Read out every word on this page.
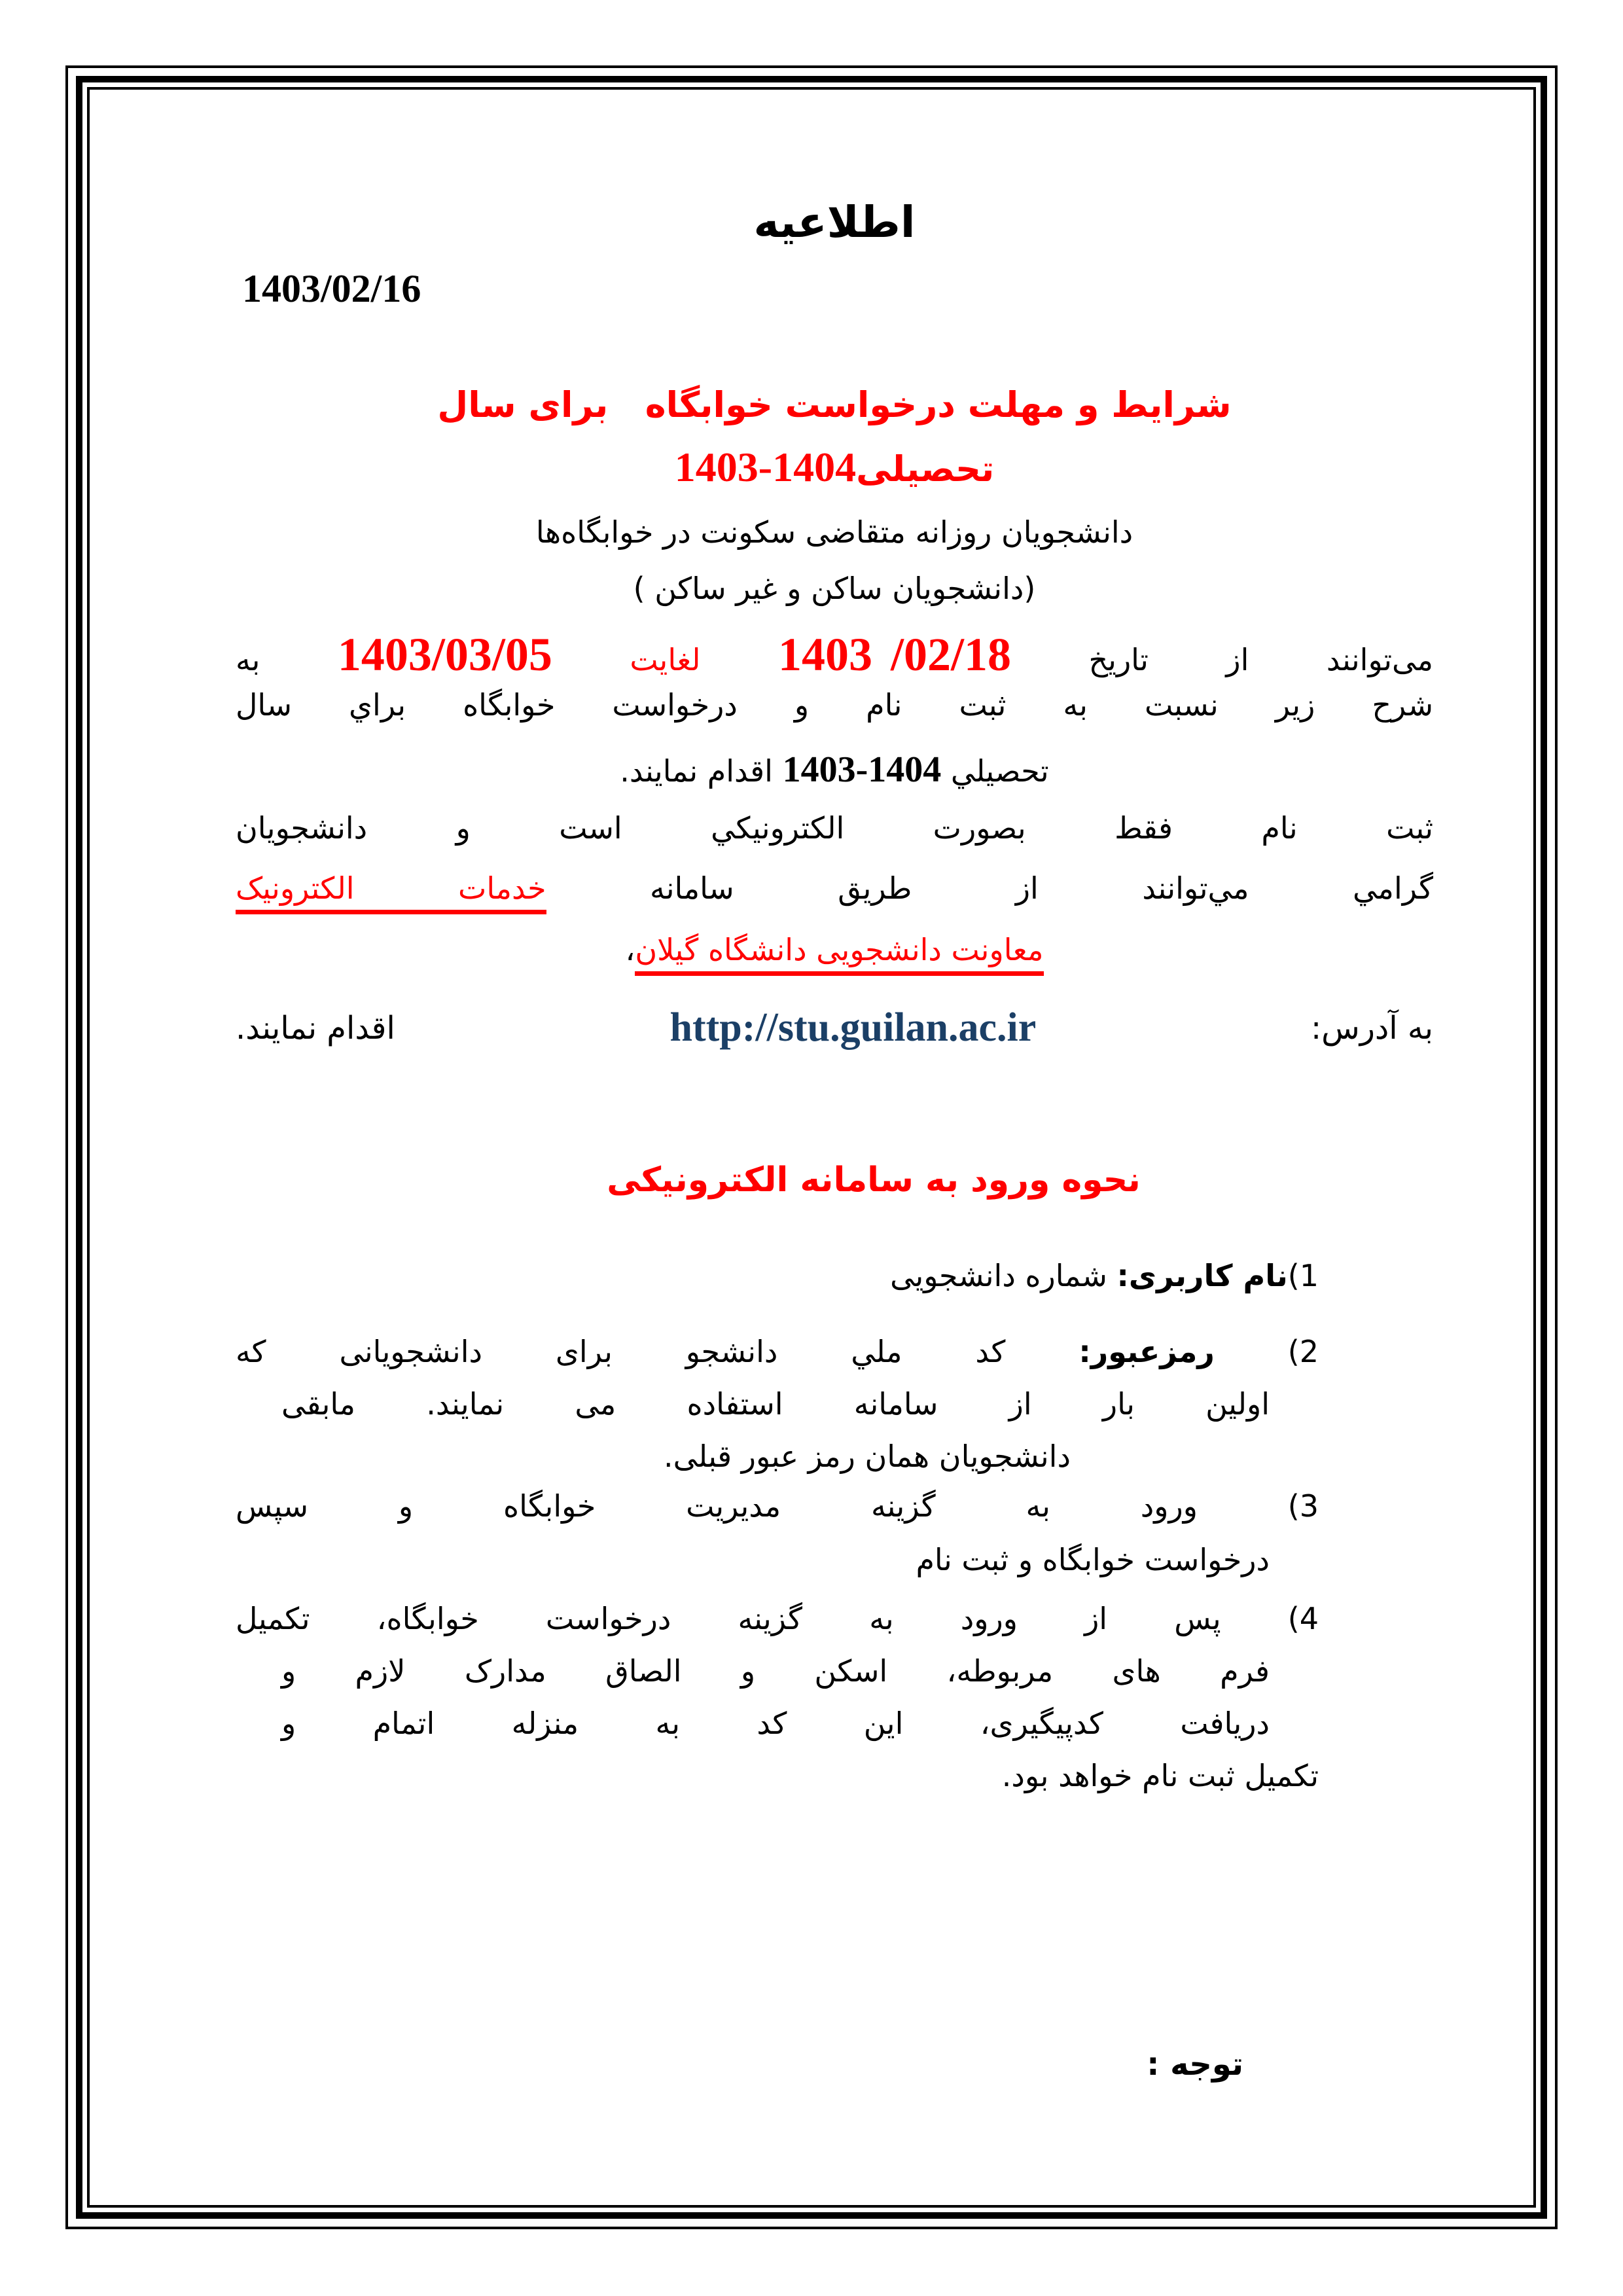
اطلاعیه
1403/02/16
شرایط و مهلت درخواست خوابگاه   برای سال
تحصیلی1403-1404
دانشجویان روزانه متقاضی سکونت در خوابگاه‌ها
(دانشجویان ساکن و غیر ساکن )
می‌توانند از تاریخ /02/181403 لغایت 1403/03/05 به
شرح زیر نسبت به ثبت نام و درخواست خوابگاه براي سال
تحصیلي 1403-1404 اقدام نمایند.
ثبت نام فقط بصورت الکترونیکي است و دانشجویان
گرامي مي‌توانند از طریق سامانه خدمات الکترونیک
معاونت دانشجویی دانشگاه گیلان،
به آدرس:
http://stu.guilan.ac.ir
اقدام نمایند.
نحوه ورود به سامانه الکترونیکی
1)نام کاربری: شماره دانشجویی
2) رمزعبور: کد ملي دانشجو برای دانشجویانی که
اولین بار از سامانه استفاده می نمایند. مابقی
دانشجویان همان رمز عبور قبلی.
3) ورود به گزینه مدیریت خوابگاه و سپس
درخواست خوابگاه و ثبت نام
4) پس از ورود به گزینه درخواست خوابگاه، تکمیل
فرم های مربوطه، اسکن و الصاق مدارک لازم و
دریافت کدپیگیری، این کد به منزله اتمام و
تکمیل ثبت نام خواهد بود.
توجه :
